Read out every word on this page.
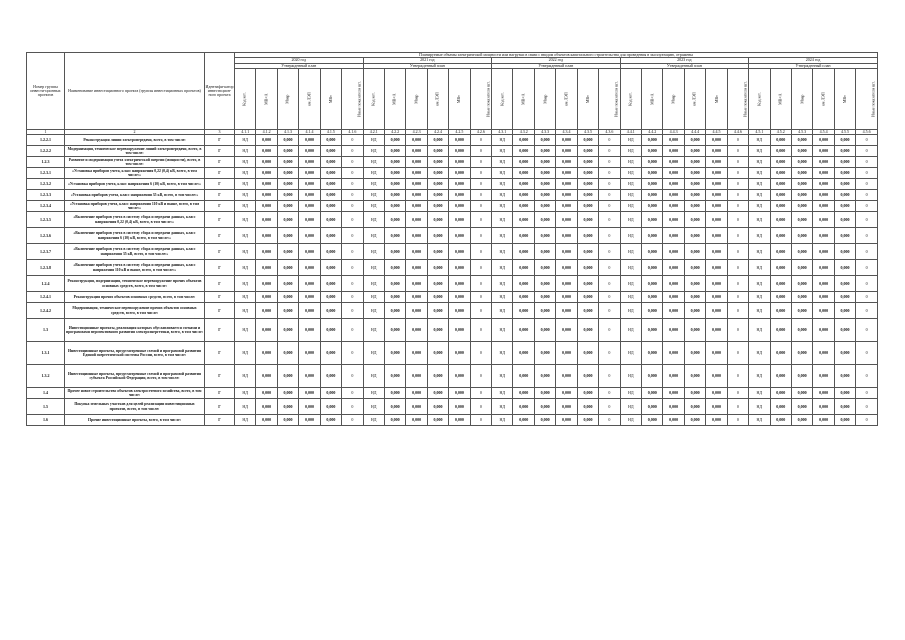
Номер группы инвести-ционных проектов	Наименование инвестиционного проекта (группы инвестиционных проектов)	Идентифи-катор инвестицион-ного проекта	Планируемые объемы электрической мощности или нагрузки в связи с вводом объектов капитального строительства для проведения в эксплуатацию, отражены																													
			2020 год						2021 год						2022 год						2023 год						2024 год					
			Утвержденный план						Утвержденный план						Утвержденный план						Утвержденный план						Утвержденный план					
			Код кот.	МВ×А	Мвар	км ЛЭП	МВт	Иные показатели шт.	Код кот.	МВ×А	Мвар	км ЛЭП	МВт	Иные показатели шт.	Код кот.	МВ×А	Мвар	км ЛЭП	МВт	Иные показатели шт.	Код кот.	МВ×А	Мвар	км ЛЭП	МВт	Иные показатели шт.	Код кот.	МВ×А	Мвар	км ЛЭП	МВт	Иные показатели шт.
1	2	3	4.1.1	4.1.2	4.1.3	4.1.4	4.1.5	4.1.6	4.2.1	4.2.2	4.2.3	4.2.4	4.2.5	4.2.6	4.3.1	4.3.2	4.3.3	4.3.4	4.3.5	4.3.6	4.4.1	4.4.2	4.4.3	4.4.4	4.4.5	4.4.6	4.5.1	4.5.2	4.5.3	4.5.4	4.5.5	4.5.6
1.2.2.1	Реконструкция линии электропередачи, всего, в том числе:	Г	НД	0,000	0,000	0,000	0,000	0	НД	0,000	0,000	0,000	0,000	0	НД	0,000	0,000	0,000	0,000	0	НД	0,000	0,000	0,000	0,000	0	НД	0,000	0,000	0,000	0,000	0
1.2.2.2	Модернизация, техническое перевооружение линий электропередачи, всего, в том числе:	Г	НД	0,000	0,000	0,000	0,000	0	НД	0,000	0,000	0,000	0,000	0	НД	0,000	0,000	0,000	0,000	0	НД	0,000	0,000	0,000	0,000	0	НД	0,000	0,000	0,000	0,000	0
1.2.3	Развитие и модернизация учета электрической энергии (мощности), всего, в том числе:	Г	НД	0,000	0,000	0,000	0,000	0	НД	0,000	0,000	0,000	0,000	0	НД	0,000	0,000	0,000	0,000	0	НД	0,000	0,000	0,000	0,000	0	НД	0,000	0,000	0,000	0,000	0
1.2.3.1	«Установка приборов учета, класс напряжения 0,22 (0,4) кВ, всего, в том числе:»	Г	НД	0,000	0,000	0,000	0,000	0	НД	0,000	0,000	0,000	0,000	0	НД	0,000	0,000	0,000	0,000	0	НД	0,000	0,000	0,000	0,000	0	НД	0,000	0,000	0,000	0,000	0
1.2.3.2	«Установка приборов учета, класс напряжения 6 (10) кВ, всего, в том числе:»	Г	НД	0,000	0,000	0,000	0,000	0	НД	0,000	0,000	0,000	0,000	0	НД	0,000	0,000	0,000	0,000	0	НД	0,000	0,000	0,000	0,000	0	НД	0,000	0,000	0,000	0,000	0
1.2.3.3	«Установка приборов учета, класс напряжения 35 кВ, всего, в том числе:»	Г	НД	0,000	0,000	0,000	0,000	0	НД	0,000	0,000	0,000	0,000	0	НД	0,000	0,000	0,000	0,000	0	НД	0,000	0,000	0,000	0,000	0	НД	0,000	0,000	0,000	0,000	0
1.2.3.4	«Установка приборов учета, класс напряжения 110 кВ и выше, всего, в том числе:»	Г	НД	0,000	0,000	0,000	0,000	0	НД	0,000	0,000	0,000	0,000	0	НД	0,000	0,000	0,000	0,000	0	НД	0,000	0,000	0,000	0,000	0	НД	0,000	0,000	0,000	0,000	0
1.2.3.5	«Включение приборов учета в систему сбора и передачи данных, класс напряжения 0,22 (0,4) кВ, всего, в том числе:»	Г	НД	0,000	0,000	0,000	0,000	0	НД	0,000	0,000	0,000	0,000	0	НД	0,000	0,000	0,000	0,000	0	НД	0,000	0,000	0,000	0,000	0	НД	0,000	0,000	0,000	0,000	0
1.2.3.6	«Включение приборов учета в систему сбора и передачи данных, класс напряжения 6 (10) кВ, всего, в том числе:»	Г	НД	0,000	0,000	0,000	0,000	0	НД	0,000	0,000	0,000	0,000	0	НД	0,000	0,000	0,000	0,000	0	НД	0,000	0,000	0,000	0,000	0	НД	0,000	0,000	0,000	0,000	0
1.2.3.7	«Включение приборов учета в систему сбора и передачи данных, класс напряжения 35 кВ, всего, в том числе:»	Г	НД	0,000	0,000	0,000	0,000	0	НД	0,000	0,000	0,000	0,000	0	НД	0,000	0,000	0,000	0,000	0	НД	0,000	0,000	0,000	0,000	0	НД	0,000	0,000	0,000	0,000	0
1.2.3.8	«Включение приборов учета в систему сбора и передачи данных, класс напряжения 110 кВ и выше, всего, в том числе:»	Г	НД	0,000	0,000	0,000	0,000	0	НД	0,000	0,000	0,000	0,000	0	НД	0,000	0,000	0,000	0,000	0	НД	0,000	0,000	0,000	0,000	0	НД	0,000	0,000	0,000	0,000	0
1.2.4	Реконструкция, модернизация, техническое перевооружение прочих объектов основных средств, всего, в том числе:	Г	НД	0,000	0,000	0,000	0,000	0	НД	0,000	0,000	0,000	0,000	0	НД	0,000	0,000	0,000	0,000	0	НД	0,000	0,000	0,000	0,000	0	НД	0,000	0,000	0,000	0,000	0
1.2.4.1	Реконструкция прочих объектов основных средств, всего, в том числе:	Г	НД	0,000	0,000	0,000	0,000	0	НД	0,000	0,000	0,000	0,000	0	НД	0,000	0,000	0,000	0,000	0	НД	0,000	0,000	0,000	0,000	0	НД	0,000	0,000	0,000	0,000	0
1.2.4.2	Модернизация, техническое перевооружение прочих объектов основных средств, всего, в том числе:	Г	НД	0,000	0,000	0,000	0,000	0	НД	0,000	0,000	0,000	0,000	0	НД	0,000	0,000	0,000	0,000	0	НД	0,000	0,000	0,000	0,000	0	НД	0,000	0,000	0,000	0,000	0
1.3	Инвестиционные проекты, реализация которых обуславливается схемами и программами перспективного развития электроэнергетики, всего, в том числе:	Г	НД	0,000	0,000	0,000	0,000	0	НД	0,000	0,000	0,000	0,000	0	НД	0,000	0,000	0,000	0,000	0	НД	0,000	0,000	0,000	0,000	0	НД	0,000	0,000	0,000	0,000	0
1.3.1	Инвестиционные проекты, предусмотренные схемой и программой развития Единой энергетической системы России, всего, в том числе:	Г	НД	0,000	0,000	0,000	0,000	0	НД	0,000	0,000	0,000	0,000	0	НД	0,000	0,000	0,000	0,000	0	НД	0,000	0,000	0,000	0,000	0	НД	0,000	0,000	0,000	0,000	0
1.3.2	Инвестиционные проекты, предусмотренные схемой и программой развития субъекта Российской Федерации, всего, в том числе:	Г	НД	0,000	0,000	0,000	0,000	0	НД	0,000	0,000	0,000	0,000	0	НД	0,000	0,000	0,000	0,000	0	НД	0,000	0,000	0,000	0,000	0	НД	0,000	0,000	0,000	0,000	0
1.4	Прочее новое строительство объектов электросетевого хозяйства, всего, в том числе:	Г	НД	0,000	0,000	0,000	0,000	0	НД	0,000	0,000	0,000	0,000	0	НД	0,000	0,000	0,000	0,000	0	НД	0,000	0,000	0,000	0,000	0	НД	0,000	0,000	0,000	0,000	0
1.5	Покупка земельных участков для целей реализации инвестиционных проектов, всего, в том числе:	Г	НД	0,000	0,000	0,000	0,000	0	НД	0,000	0,000	0,000	0,000	0	НД	0,000	0,000	0,000	0,000	0	НД	0,000	0,000	0,000	0,000	0	НД	0,000	0,000	0,000	0,000	0
1.6	Прочие инвестиционные проекты, всего, в том числе:	Г	НД	0,000	0,000	0,000	0,000	0	НД	0,000	0,000	0,000	0,000	0	НД	0,000	0,000	0,000	0,000	0	НД	0,000	0,000	0,000	0,000	0	НД	0,000	0,000	0,000	0,000	0
